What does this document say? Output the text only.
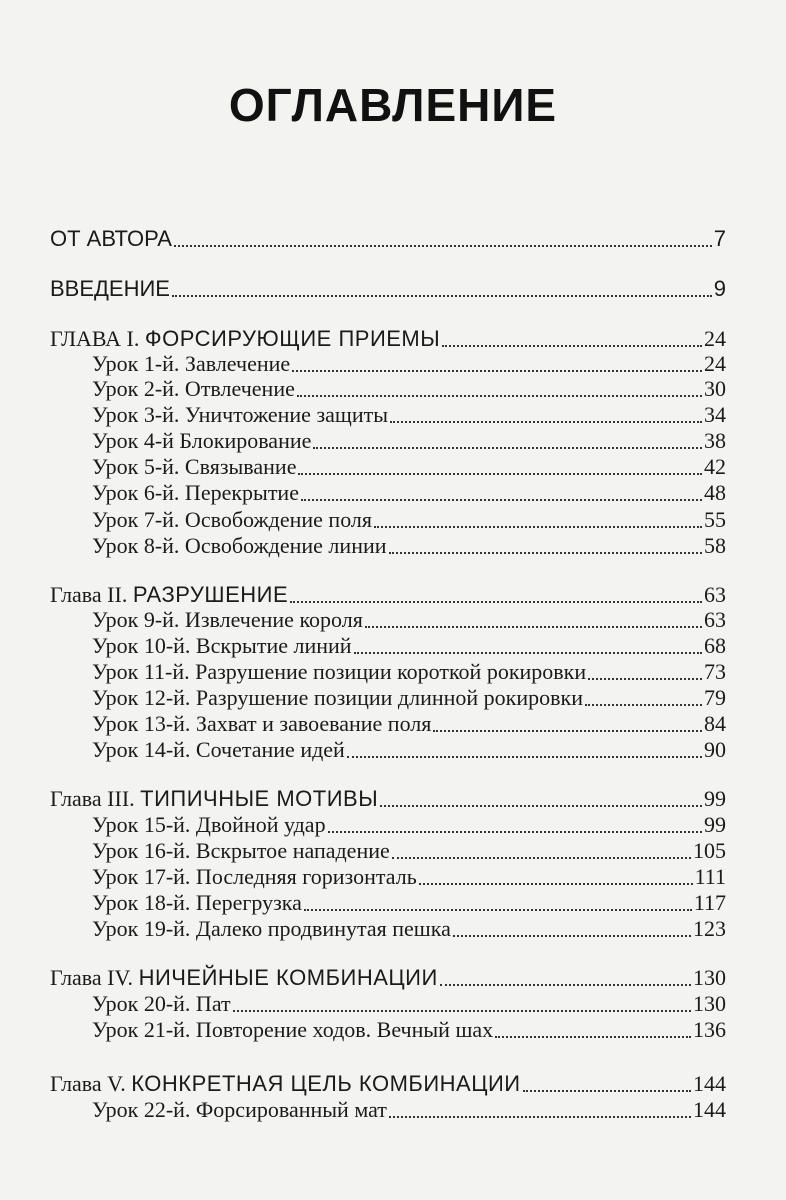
ОГЛАВЛЕНИЕ
ОТ АВТОРА	7
ВВЕДЕНИЕ	9
ГЛАВА I. ФОРСИРУЮЩИЕ ПРИЕМЫ	24
Урок 1-й. Завлечение	24
Урок 2-й. Отвлечение	30
Урок 3-й. Уничтожение защиты	34
Урок 4-й Блокирование	38
Урок 5-й. Связывание	42
Урок 6-й. Перекрытие	48
Урок 7-й. Освобождение поля	55
Урок 8-й. Освобождение линии	58
Глава II. РАЗРУШЕНИЕ	63
Урок 9-й. Извлечение короля	63
Урок 10-й. Вскрытие линий	68
Урок 11-й. Разрушение позиции короткой рокировки	73
Урок 12-й. Разрушение позиции длинной рокировки	79
Урок 13-й. Захват и завоевание поля	84
Урок 14-й. Сочетание идей	90
Глава III. ТИПИЧНЫЕ МОТИВЫ	99
Урок 15-й. Двойной удар	99
Урок 16-й. Вскрытое нападение	105
Урок 17-й. Последняя горизонталь	111
Урок 18-й. Перегрузка	117
Урок 19-й. Далеко продвинутая пешка	123
Глава IV. НИЧЕЙНЫЕ КОМБИНАЦИИ	130
Урок 20-й. Пат	130
Урок 21-й. Повторение ходов. Вечный шах	136
Глава V. КОНКРЕТНАЯ ЦЕЛЬ КОМБИНАЦИИ	144
Урок 22-й. Форсированный мат	144
